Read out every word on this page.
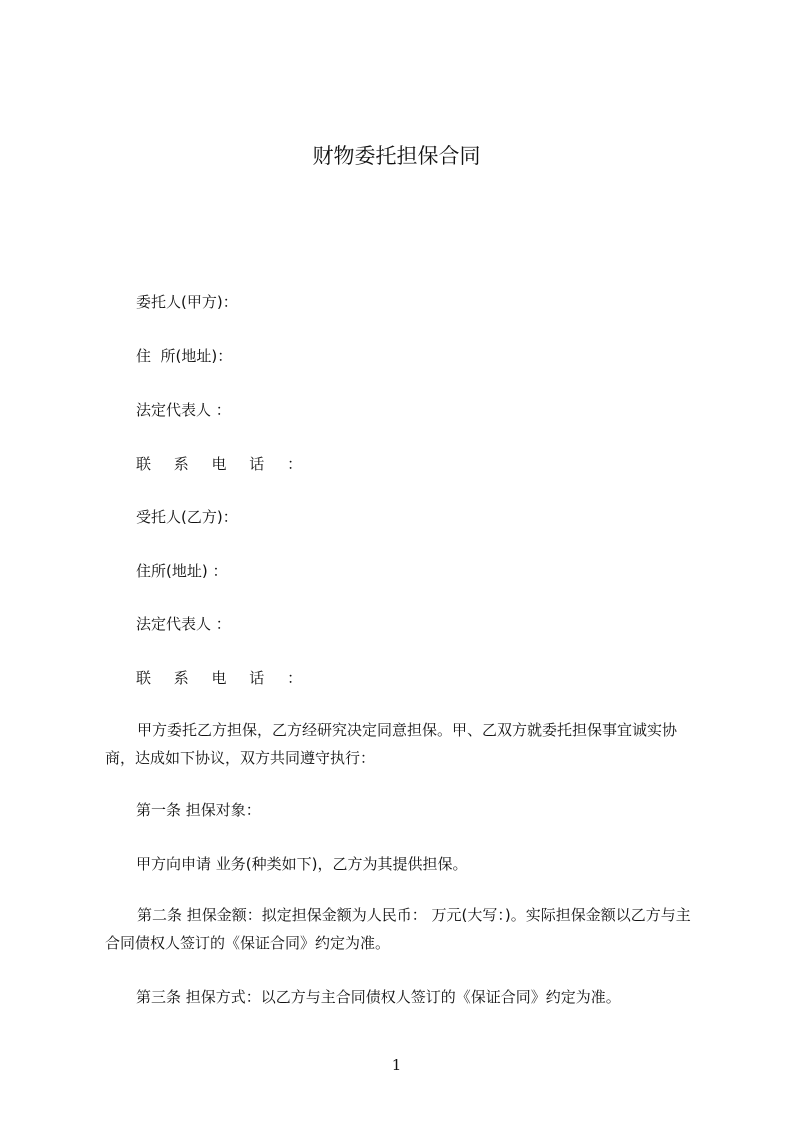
财物委托担保合同
委托人(甲方)：
住  所(地址)：
法定代表人 ：
联 系 电 话 ：
受托人(乙方)：
住所(地址) ：
法定代表人 ：
联 系 电 话 ：
甲方委托乙方担保，乙方经研究决定同意担保。甲、乙双方就委托担保事宜诚实协商，达成如下协议，双方共同遵守执行：
第一条 担保对象：
甲方向申请 业务(种类如下)，乙方为其提供担保。
第二条 担保金额：拟定担保金额为人民币： 万元(大写：)。实际担保金额以乙方与主合同债权人签订的《保证合同》约定为准。
第三条 担保方式：以乙方与主合同债权人签订的《保证合同》约定为准。
1
